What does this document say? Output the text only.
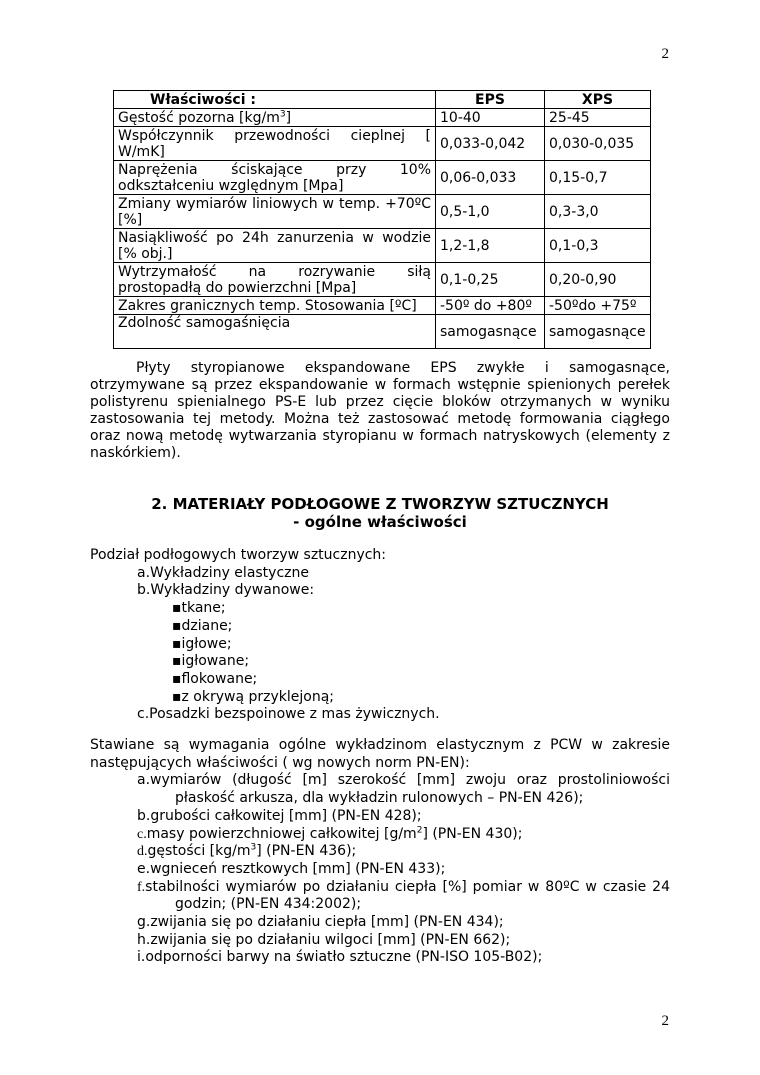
2
Właściwości :	EPS	XPS
Gęstość pozorna $[kg/m^3]$	10-40	25-45
Współczynnik przewodności cieplnej [ W/mK]	0,033-0,042	0,030-0,035
Naprężenia ściskające przy 10% odkształceniu względnym [Mpa]	0,06-0,033	0,15-0,7
Zmiany wymiarów liniowych w temp. +70ºC [%]	0,5-1,0	0,3-3,0
Nasiąkliwość po 24h zanurzenia w wodzie [% obj.]	1,2-1,8	0,1-0,3
Wytrzymałość na rozrywanie siłą prostopadłą do powierzchni [Mpa]	0,1-0,25	0,20-0,90
Zakres granicznych temp. Stosowania [ºC]	-50º do +80º	-50ºdo +75º
Zdolność samogaśnięcia	samogasnące	samogasnące

Płyty styropianowe ekspandowane EPS zwykłe i samogasnące, otrzymywane są przez ekspandowanie w formach wstępnie spienionych perełek polistyrenu spienialnego PS-E lub przez cięcie bloków otrzymanych w wyniku zastosowania tej metody. Można też zastosować metodę formowania ciągłego oraz nową metodę wytwarzania styropianu w formach natryskowych (elementy z naskórkiem).

2. MATERIAŁY PODŁOGOWE Z TWORZYW SZTUCZNYCH
- ogólne właściwości
Podział podłogowych tworzyw sztucznych:
a.Wykładziny elastyczne
b.Wykładziny dywanowe:
▪tkane;
▪dziane;
▪igłowe;
▪igłowane;
▪flokowane;
▪z okrywą przyklejoną;
c.Posadzki bezspoinowe z mas żywicznych.
Stawiane są wymagania ogólne wykładzinom elastycznym z PCW w zakresie
następujących właściwości ( wg nowych norm PN-EN):
a.wymiarów (długość [m] szerokość [mm] zwoju oraz prostoliniowości
płaskość arkusza, dla wykładzin rulonowych – PN-EN 426);
b.grubości całkowitej [mm] (PN-EN 428);
c.masy powierzchniowej całkowitej $[g/m^2]$ (PN-EN 430);
d.gęstości $[kg/m^3]$ (PN-EN 436);
e.wgnieceń resztkowych [mm] (PN-EN 433);
f.stabilności wymiarów po działaniu ciepła [%] pomiar w 80ºC w czasie 24
godzin; (PN-EN 434:2002);
g.zwijania się po działaniu ciepła [mm] (PN-EN 434);
h.zwijania się po działaniu wilgoci [mm] (PN-EN 662);
i.odporności barwy na światło sztuczne (PN-ISO 105-B02);
2
